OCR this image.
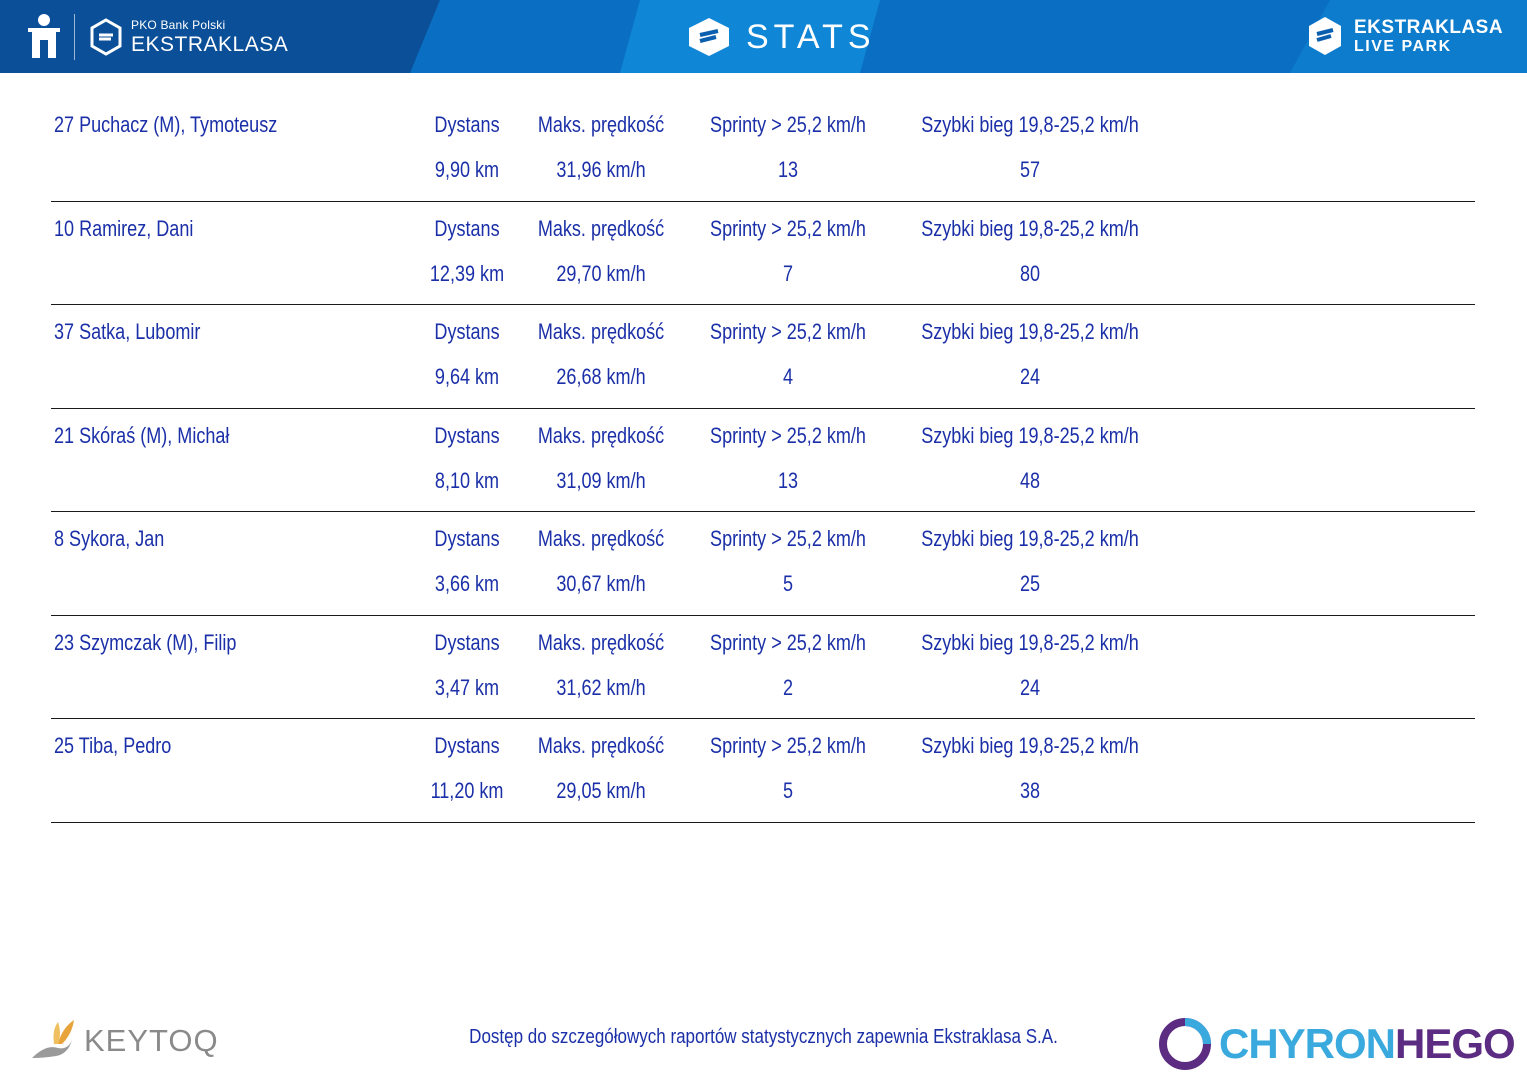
PKO Bank Polski
EKSTRAKLASA	STATS	EKSTRAKLASA
LIVE PARK
27 Puchacz (M), Tymoteusz	Dystans Maks. prędkość Sprinty > 25,2 km/h	Szybki bieg 19,8-25,2 km/h
9,90 km	31,96 km/h	13	57
10 Ramirez, Dani	Dystans Maks. prędkość Sprinty > 25,2 km/h	Szybki bieg 19,8-25,2 km/h
12,39 km 29,70 km/h	7	80
37 Satka, Lubomir	Dystans Maks. prędkość Sprinty > 25,2 km/h	Szybki bieg 19,8-25,2 km/h
9,64 km	26,68 km/h	4	24
21 Skóraś (M), Michał	Dystans Maks. prędkość Sprinty > 25,2 km/h	Szybki bieg 19,8-25,2 km/h
8,10 km	31,09 km/h	13	48
8 Sykora, Jan	Dystans Maks. prędkość Sprinty > 25,2 km/h	Szybki bieg 19,8-25,2 km/h
3,66 km	30,67 km/h	5	25
23 Szymczak (M), Filip	Dystans Maks. prędkość Sprinty > 25,2 km/h	Szybki bieg 19,8-25,2 km/h
3,47 km	31,62 km/h	2	24
25 Tiba, Pedro	Dystans Maks. prędkość Sprinty > 25,2 km/h	Szybki bieg 19,8-25,2 km/h
11,20 km 29,05 km/h	5	38
KEYTOQ	Dostęp do szczegółowych raportów statystycznych zapewnia Ekstraklasa S.A.	CHYRONHEGO
